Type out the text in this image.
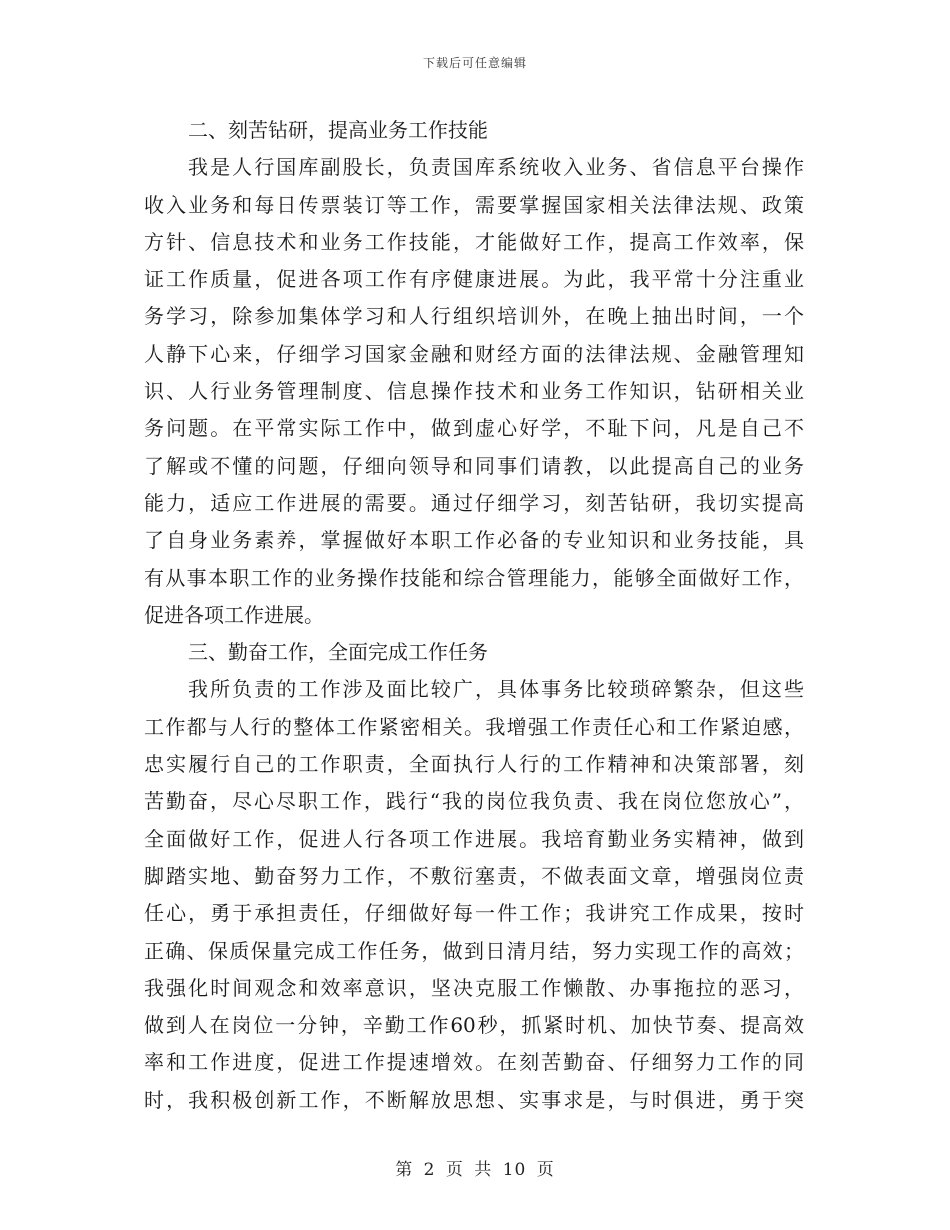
下载后可任意编辑
二、刻苦钻研，提高业务工作技能
我是人行国库副股长，负责国库系统收入业务、省信息平台操作
收入业务和每日传票装订等工作，需要掌握国家相关法律法规、政策
方针、信息技术和业务工作技能，才能做好工作，提高工作效率，保
证工作质量，促进各项工作有序健康进展。为此，我平常十分注重业
务学习，除参加集体学习和人行组织培训外，在晚上抽出时间，一个
人静下心来，仔细学习国家金融和财经方面的法律法规、金融管理知
识、人行业务管理制度、信息操作技术和业务工作知识，钻研相关业
务问题。在平常实际工作中，做到虚心好学，不耻下问，凡是自己不
了解或不懂的问题，仔细向领导和同事们请教，以此提高自己的业务
能力，适应工作进展的需要。通过仔细学习，刻苦钻研，我切实提高
了自身业务素养，掌握做好本职工作必备的专业知识和业务技能，具
有从事本职工作的业务操作技能和综合管理能力，能够全面做好工作，
促进各项工作进展。
三、勤奋工作，全面完成工作任务
我所负责的工作涉及面比较广，具体事务比较琐碎繁杂，但这些
工作都与人行的整体工作紧密相关。我增强工作责任心和工作紧迫感，
忠实履行自己的工作职责，全面执行人行的工作精神和决策部署，刻
苦勤奋，尽心尽职工作，践行“我的岗位我负责、我在岗位您放心”，
全面做好工作，促进人行各项工作进展。我培育勤业务实精神，做到
脚踏实地、勤奋努力工作，不敷衍塞责，不做表面文章，增强岗位责
任心，勇于承担责任，仔细做好每一件工作；我讲究工作成果，按时
正确、保质保量完成工作任务，做到日清月结，努力实现工作的高效；
我强化时间观念和效率意识，坚决克服工作懒散、办事拖拉的恶习，
做到人在岗位一分钟，辛勤工作60秒，抓紧时机、加快节奏、提高效
率和工作进度，促进工作提速增效。在刻苦勤奋、仔细努力工作的同
时，我积极创新工作，不断解放思想、实事求是，与时俱进，勇于突
第 2 页 共 10 页
